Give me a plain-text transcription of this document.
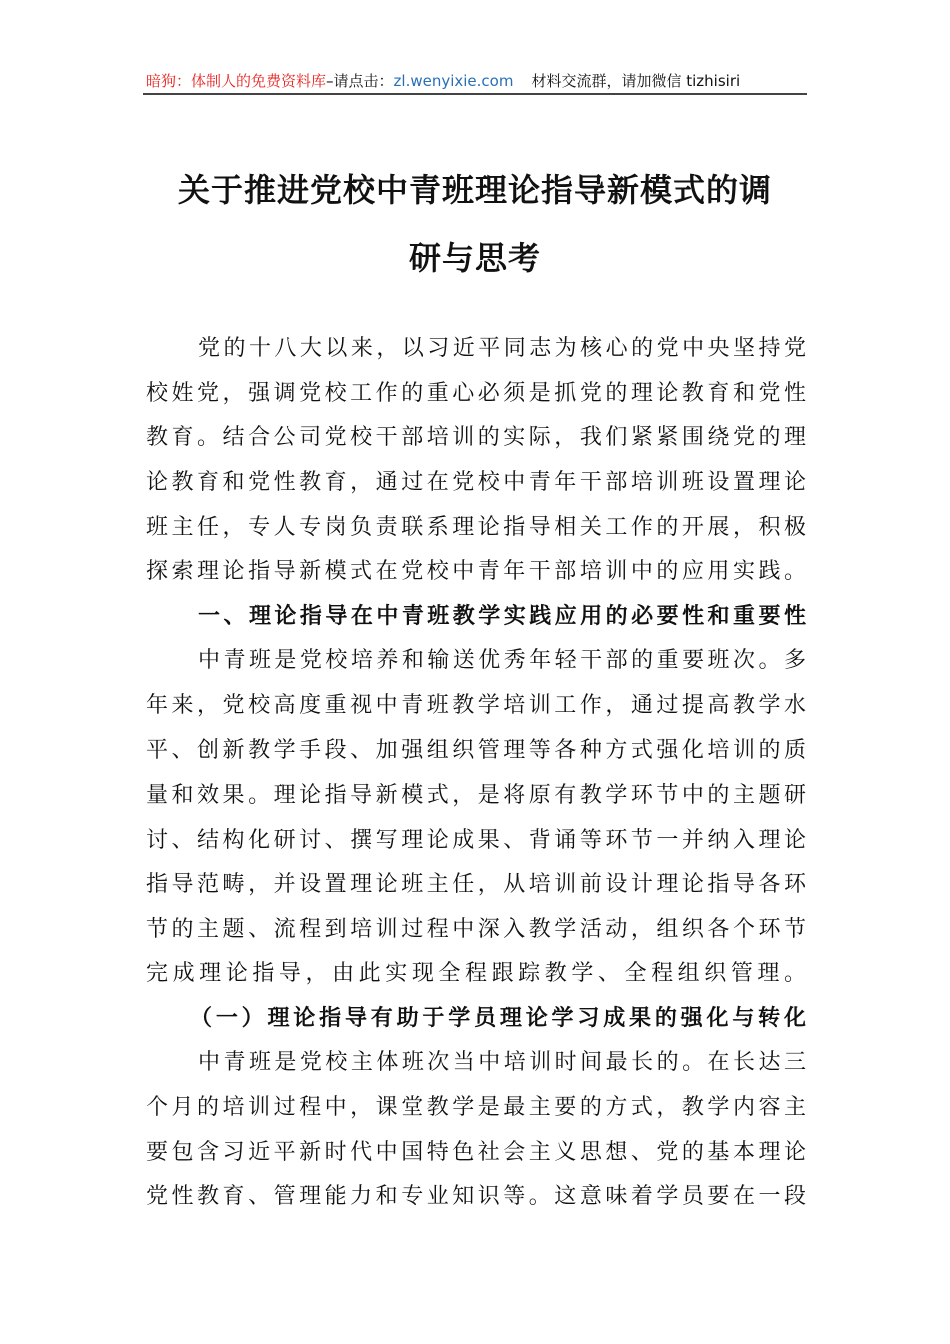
暗狗：体制人的免费资料库–请点击：zl.wenyixie.com 材料交流群，请加微信 tizhisiri
关于推进党校中青班理论指导新模式的调
研与思考
党的十八大以来，以习近平同志为核心的党中央坚持党
校姓党，强调党校工作的重心必须是抓党的理论教育和党性
教育。结合公司党校干部培训的实际，我们紧紧围绕党的理
论教育和党性教育，通过在党校中青年干部培训班设置理论
班主任，专人专岗负责联系理论指导相关工作的开展，积极
探索理论指导新模式在党校中青年干部培训中的应用实践。
一、理论指导在中青班教学实践应用的必要性和重要性
中青班是党校培养和输送优秀年轻干部的重要班次。多
年来，党校高度重视中青班教学培训工作，通过提高教学水
平、创新教学手段、加强组织管理等各种方式强化培训的质
量和效果。理论指导新模式，是将原有教学环节中的主题研
讨、结构化研讨、撰写理论成果、背诵等环节一并纳入理论
指导范畴，并设置理论班主任，从培训前设计理论指导各环
节的主题、流程到培训过程中深入教学活动，组织各个环节
完成理论指导，由此实现全程跟踪教学、全程组织管理。
（一）理论指导有助于学员理论学习成果的强化与转化
中青班是党校主体班次当中培训时间最长的。在长达三
个月的培训过程中，课堂教学是最主要的方式，教学内容主
要包含习近平新时代中国特色社会主义思想、党的基本理论
党性教育、管理能力和专业知识等。这意味着学员要在一段
